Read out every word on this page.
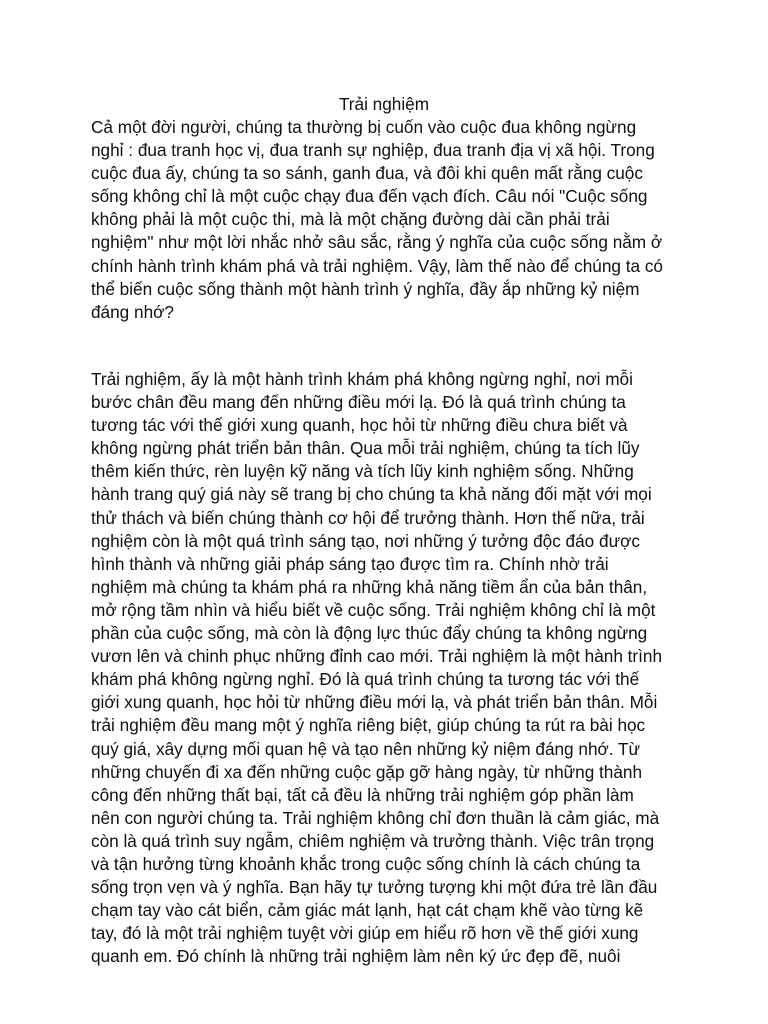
Trải nghiệm

Cả một đời người, chúng ta thường bị cuốn vào cuộc đua không ngừng
nghỉ : đua tranh học vị, đua tranh sự nghiệp, đua tranh địa vị xã hội. Trong
cuộc đua ấy, chúng ta so sánh, ganh đua, và đôi khi quên mất rằng cuộc
sống không chỉ là một cuộc chạy đua đến vạch đích. Câu nói "Cuộc sống
không phải là một cuộc thi, mà là một chặng đường dài cần phải trải
nghiệm" như một lời nhắc nhở sâu sắc, rằng ý nghĩa của cuộc sống nằm ở
chính hành trình khám phá và trải nghiệm. Vậy, làm thế nào để chúng ta có
thể biến cuộc sống thành một hành trình ý nghĩa, đầy ắp những kỷ niệm
đáng nhớ?

Trải nghiệm, ấy là một hành trình khám phá không ngừng nghỉ, nơi mỗi
bước chân đều mang đến những điều mới lạ. Đó là quá trình chúng ta
tương tác với thế giới xung quanh, học hỏi từ những điều chưa biết và
không ngừng phát triển bản thân. Qua mỗi trải nghiệm, chúng ta tích lũy
thêm kiến thức, rèn luyện kỹ năng và tích lũy kinh nghiệm sống. Những
hành trang quý giá này sẽ trang bị cho chúng ta khả năng đối mặt với mọi
thử thách và biến chúng thành cơ hội để trưởng thành. Hơn thế nữa, trải
nghiệm còn là một quá trình sáng tạo, nơi những ý tưởng độc đáo được
hình thành và những giải pháp sáng tạo được tìm ra. Chính nhờ trải
nghiệm mà chúng ta khám phá ra những khả năng tiềm ẩn của bản thân,
mở rộng tầm nhìn và hiểu biết về cuộc sống. Trải nghiệm không chỉ là một
phần của cuộc sống, mà còn là động lực thúc đẩy chúng ta không ngừng
vươn lên và chinh phục những đỉnh cao mới. Trải nghiệm là một hành trình
khám phá không ngừng nghỉ. Đó là quá trình chúng ta tương tác với thế
giới xung quanh, học hỏi từ những điều mới lạ, và phát triển bản thân. Mỗi
trải nghiệm đều mang một ý nghĩa riêng biệt, giúp chúng ta rút ra bài học
quý giá, xây dựng mối quan hệ và tạo nên những kỷ niệm đáng nhớ. Từ
những chuyến đi xa đến những cuộc gặp gỡ hàng ngày, từ những thành
công đến những thất bại, tất cả đều là những trải nghiệm góp phần làm
nên con người chúng ta. Trải nghiệm không chỉ đơn thuần là cảm giác, mà
còn là quá trình suy ngẫm, chiêm nghiệm và trưởng thành. Việc trân trọng
và tận hưởng từng khoảnh khắc trong cuộc sống chính là cách chúng ta
sống trọn vẹn và ý nghĩa. Bạn hãy tự tưởng tượng khi một đứa trẻ lần đầu
chạm tay vào cát biển, cảm giác mát lạnh, hạt cát chạm khẽ vào từng kẽ
tay, đó là một trải nghiệm tuyệt vời giúp em hiểu rõ hơn về thế giới xung
quanh em. Đó chính là những trải nghiệm làm nên ký ức đẹp đẽ, nuôi
